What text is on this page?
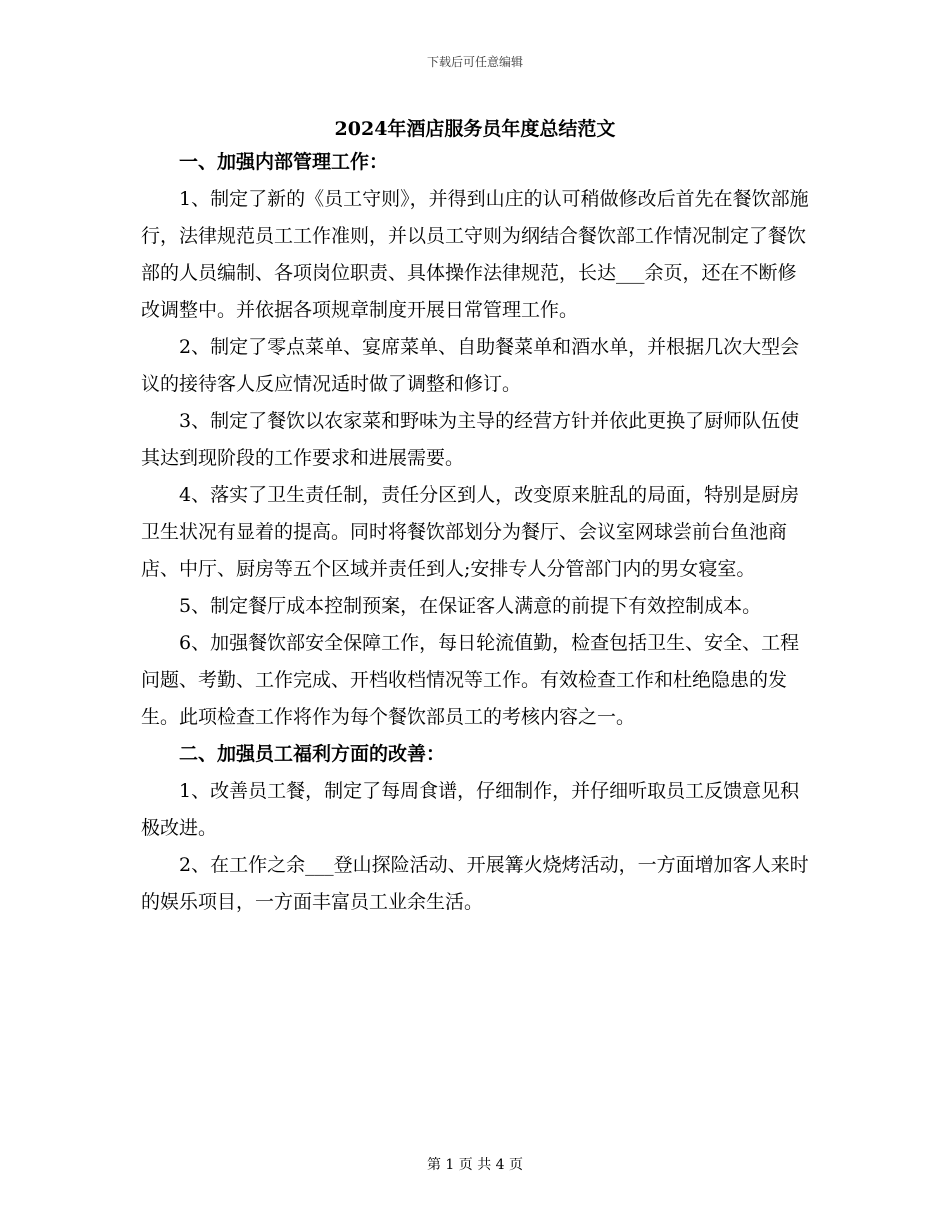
下载后可任意编辑
2024年酒店服务员年度总结范文
一、加强内部管理工作：

1、制定了新的《员工守则》，并得到山庄的认可稍做修改后首先在餐饮部施行，法律规范员工工作准则，并以员工守则为纲结合餐饮部工作情况制定了餐饮部的人员编制、各项岗位职责、具体操作法律规范，长达___余页，还在不断修改调整中。并依据各项规章制度开展日常管理工作。

2、制定了零点菜单、宴席菜单、自助餐菜单和酒水单，并根据几次大型会议的接待客人反应情况适时做了调整和修订。

3、制定了餐饮以农家菜和野味为主导的经营方针并依此更换了厨师队伍使其达到现阶段的工作要求和进展需要。

4、落实了卫生责任制，责任分区到人，改变原来脏乱的局面，特别是厨房卫生状况有显着的提高。同时将餐饮部划分为餐厅、会议室网球尝前台鱼池商店、中厅、厨房等五个区域并责任到人;安排专人分管部门内的男女寝室。

5、制定餐厅成本控制预案，在保证客人满意的前提下有效控制成本。

6、加强餐饮部安全保障工作，每日轮流值勤，检查包括卫生、安全、工程问题、考勤、工作完成、开档收档情况等工作。有效检查工作和杜绝隐患的发生。此项检查工作将作为每个餐饮部员工的考核内容之一。

二、加强员工福利方面的改善：

1、改善员工餐，制定了每周食谱，仔细制作，并仔细听取员工反馈意见积极改进。

2、在工作之余___登山探险活动、开展篝火烧烤活动，一方面增加客人来时的娱乐项目，一方面丰富员工业余生活。

第 1 页 共 4 页
